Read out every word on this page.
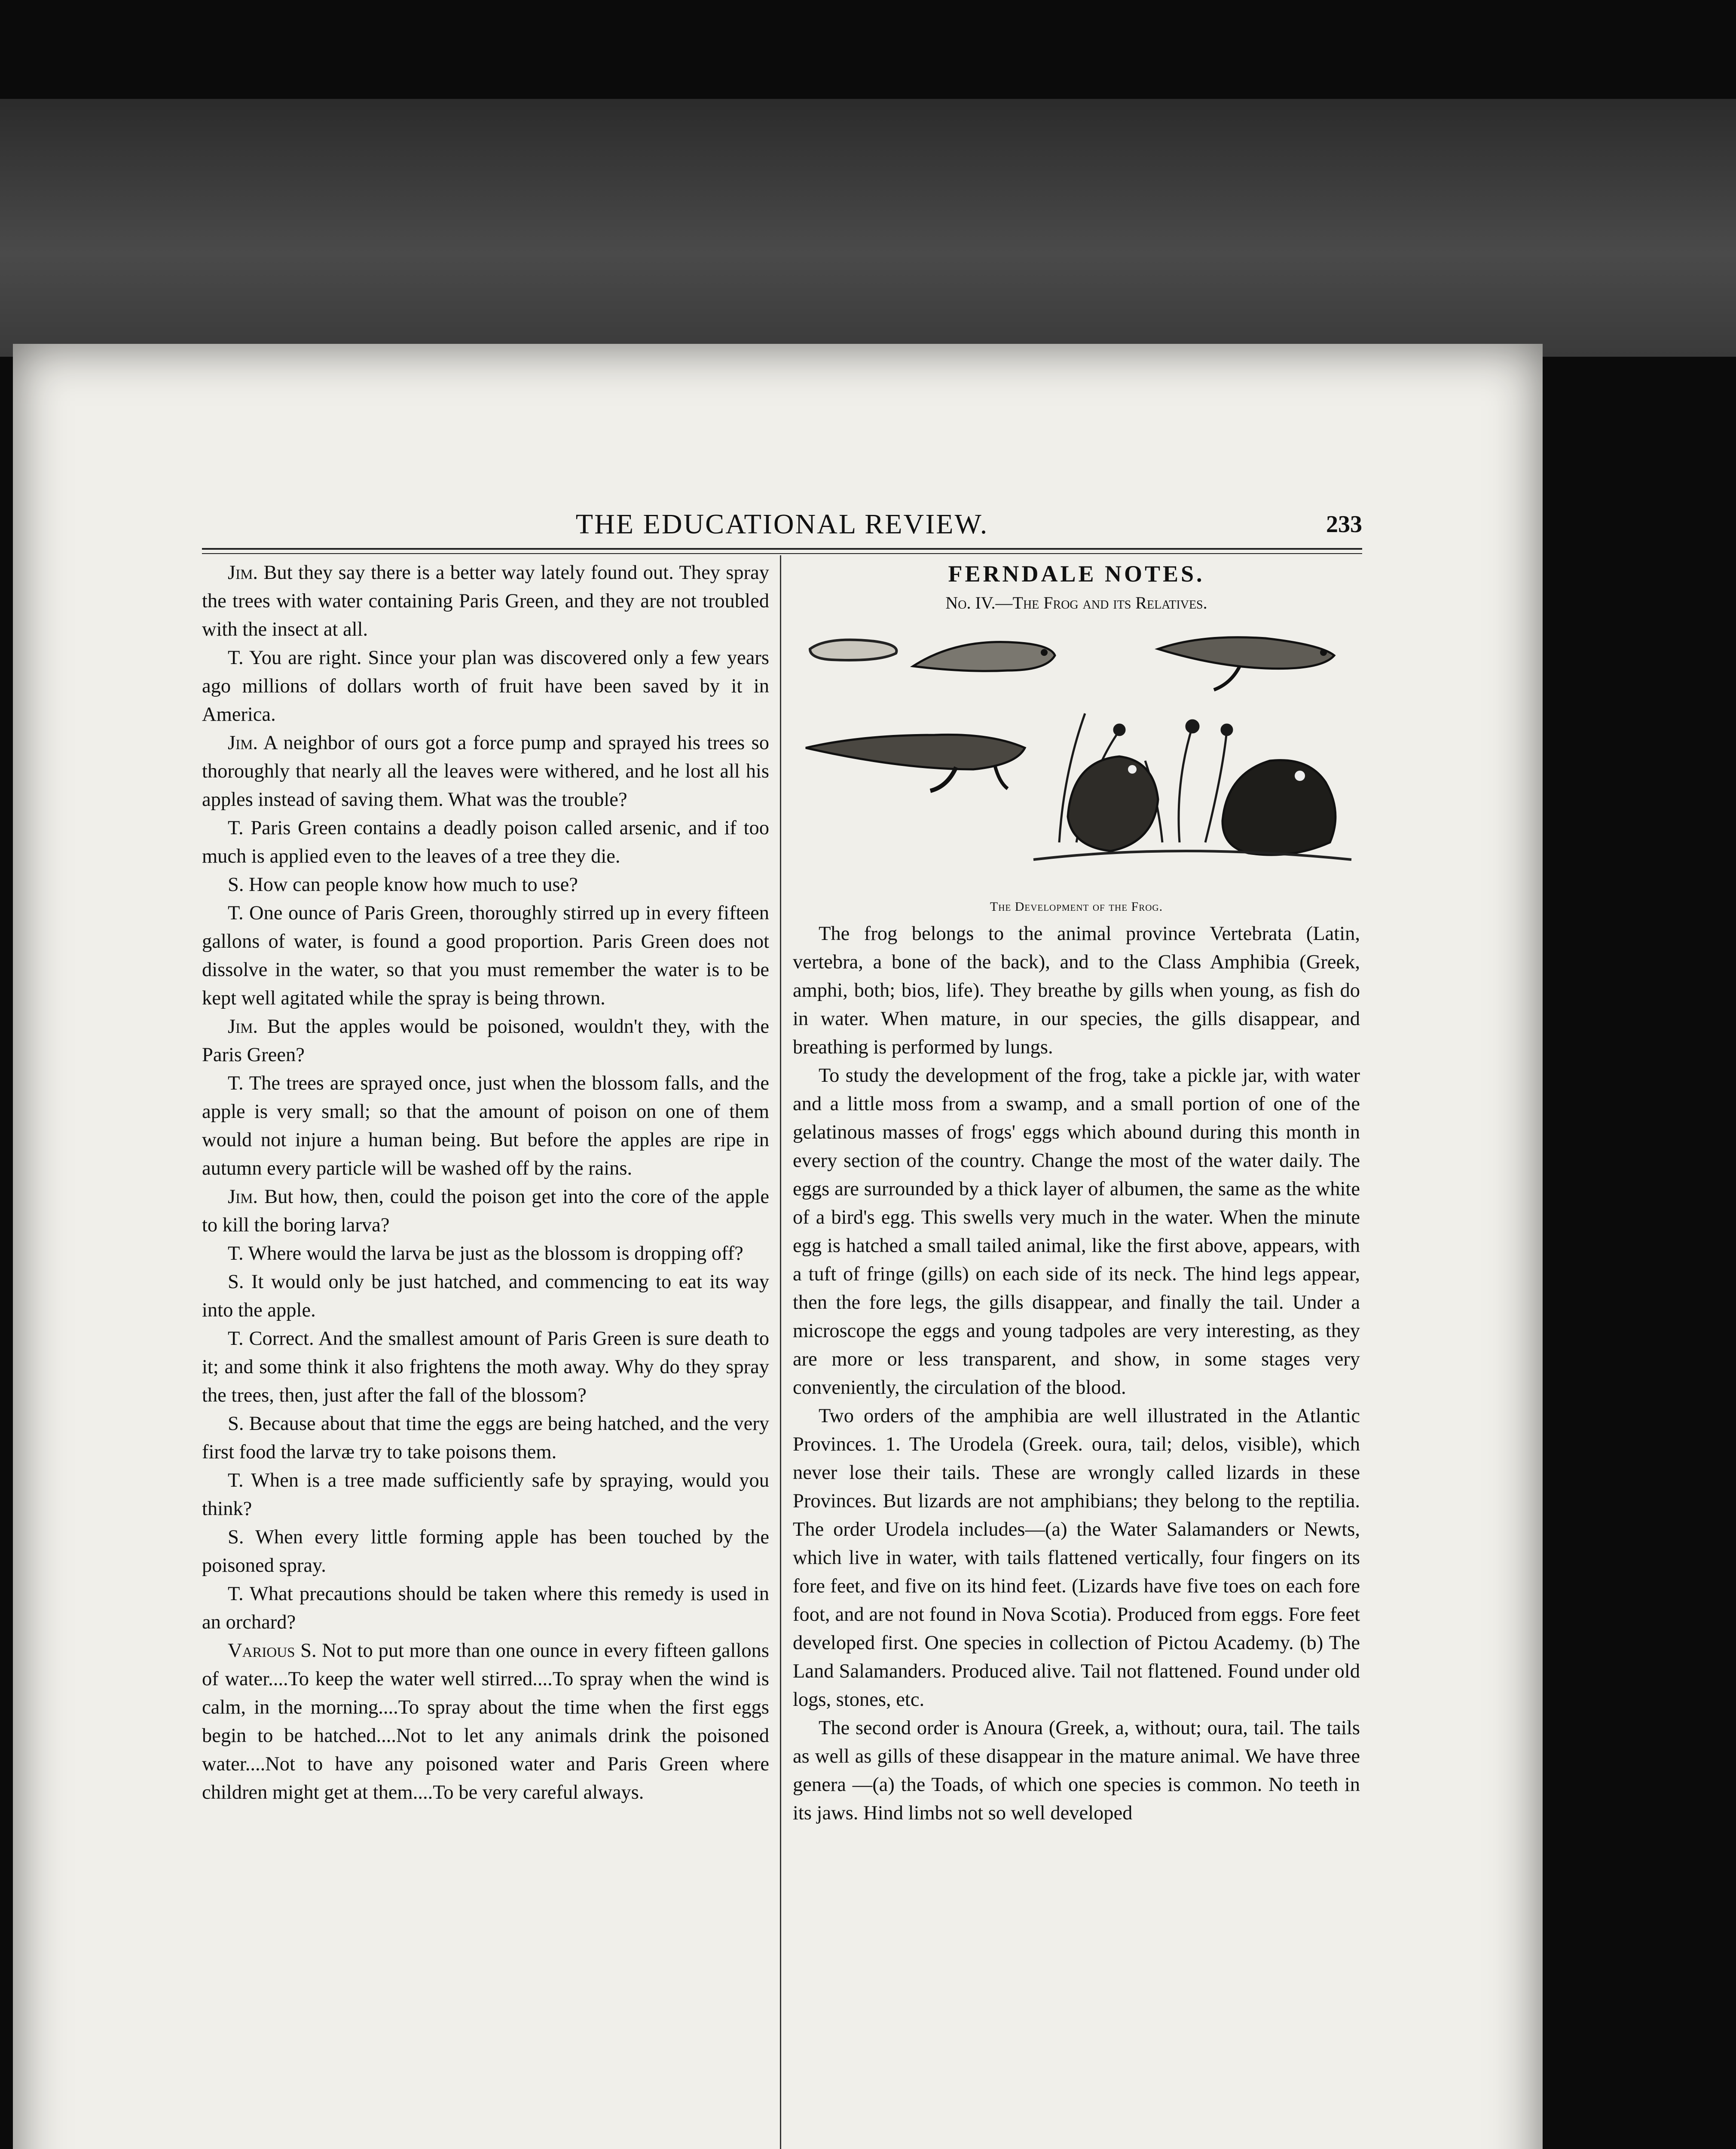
THE EDUCATIONAL REVIEW.	233

Jim. But they say there is a better way lately found out. They spray the trees with water containing Paris Green, and they are not troubled with the insect at all.

T. You are right. Since your plan was discovered only a few years ago millions of dollars worth of fruit have been saved by it in America.

Jim. A neighbor of ours got a force pump and sprayed his trees so thoroughly that nearly all the leaves were withered, and he lost all his apples instead of saving them. What was the trouble?

T. Paris Green contains a deadly poison called arsenic, and if too much is applied even to the leaves of a tree they die.

S. How can people know how much to use?

T. One ounce of Paris Green, thoroughly stirred up in every fifteen gallons of water, is found a good proportion. Paris Green does not dissolve in the water, so that you must remember the water is to be kept well agitated while the spray is being thrown.

Jim. But the apples would be poisoned, wouldn't they, with the Paris Green?

T. The trees are sprayed once, just when the blossom falls, and the apple is very small; so that the amount of poison on one of them would not injure a human being. But before the apples are ripe in autumn every particle will be washed off by the rains.

Jim. But how, then, could the poison get into the core of the apple to kill the boring larva?

T. Where would the larva be just as the blossom is dropping off?

S. It would only be just hatched, and commencing to eat its way into the apple.

T. Correct. And the smallest amount of Paris Green is sure death to it; and some think it also frightens the moth away. Why do they spray the trees, then, just after the fall of the blossom?

S. Because about that time the eggs are being hatched, and the very first food the larvæ try to take poisons them.

T. When is a tree made sufficiently safe by spraying, would you think?

S. When every little forming apple has been touched by the poisoned spray.

T. What precautions should be taken where this remedy is used in an orchard?

Various S. Not to put more than one ounce in every fifteen gallons of water....To keep the water well stirred....To spray when the wind is calm, in the morning....To spray about the time when the first eggs begin to be hatched....Not to let any animals drink the poisoned water....Not to have any poisoned water and Paris Green where children might get at them....To be very careful always.

FERNDALE NOTES.
No. IV.—The Frog and its Relatives.
The Development of the Frog.

The frog belongs to the animal province Vertebrata (Latin, vertebra, a bone of the back), and to the Class Amphibia (Greek, amphi, both; bios, life). They breathe by gills when young, as fish do in water. When mature, in our species, the gills disappear, and breathing is performed by lungs.

To study the development of the frog, take a pickle jar, with water and a little moss from a swamp, and a small portion of one of the gelatinous masses of frogs' eggs which abound during this month in every section of the country. Change the most of the water daily. The eggs are surrounded by a thick layer of albumen, the same as the white of a bird's egg. This swells very much in the water. When the minute egg is hatched a small tailed animal, like the first above, appears, with a tuft of fringe (gills) on each side of its neck. The hind legs appear, then the fore legs, the gills disappear, and finally the tail. Under a microscope the eggs and young tadpoles are very interesting, as they are more or less transparent, and show, in some stages very conveniently, the circulation of the blood.

Two orders of the amphibia are well illustrated in the Atlantic Provinces. 1. The Urodela (Greek. oura, tail; delos, visible), which never lose their tails. These are wrongly called lizards in these Provinces. But lizards are not amphibians; they belong to the reptilia. The order Urodela includes—(a) the Water Salamanders or Newts, which live in water, with tails flattened vertically, four fingers on its fore feet, and five on its hind feet. (Lizards have five toes on each fore foot, and are not found in Nova Scotia). Produced from eggs. Fore feet developed first. One species in collection of Pictou Academy. (b) The Land Salamanders. Produced alive. Tail not flattened. Found under old logs, stones, etc.

The second order is Anoura (Greek, a, without; oura, tail. The tails as well as gills of these disappear in the mature animal. We have three genera —(a) the Toads, of which one species is common. No teeth in its jaws. Hind limbs not so well developed
